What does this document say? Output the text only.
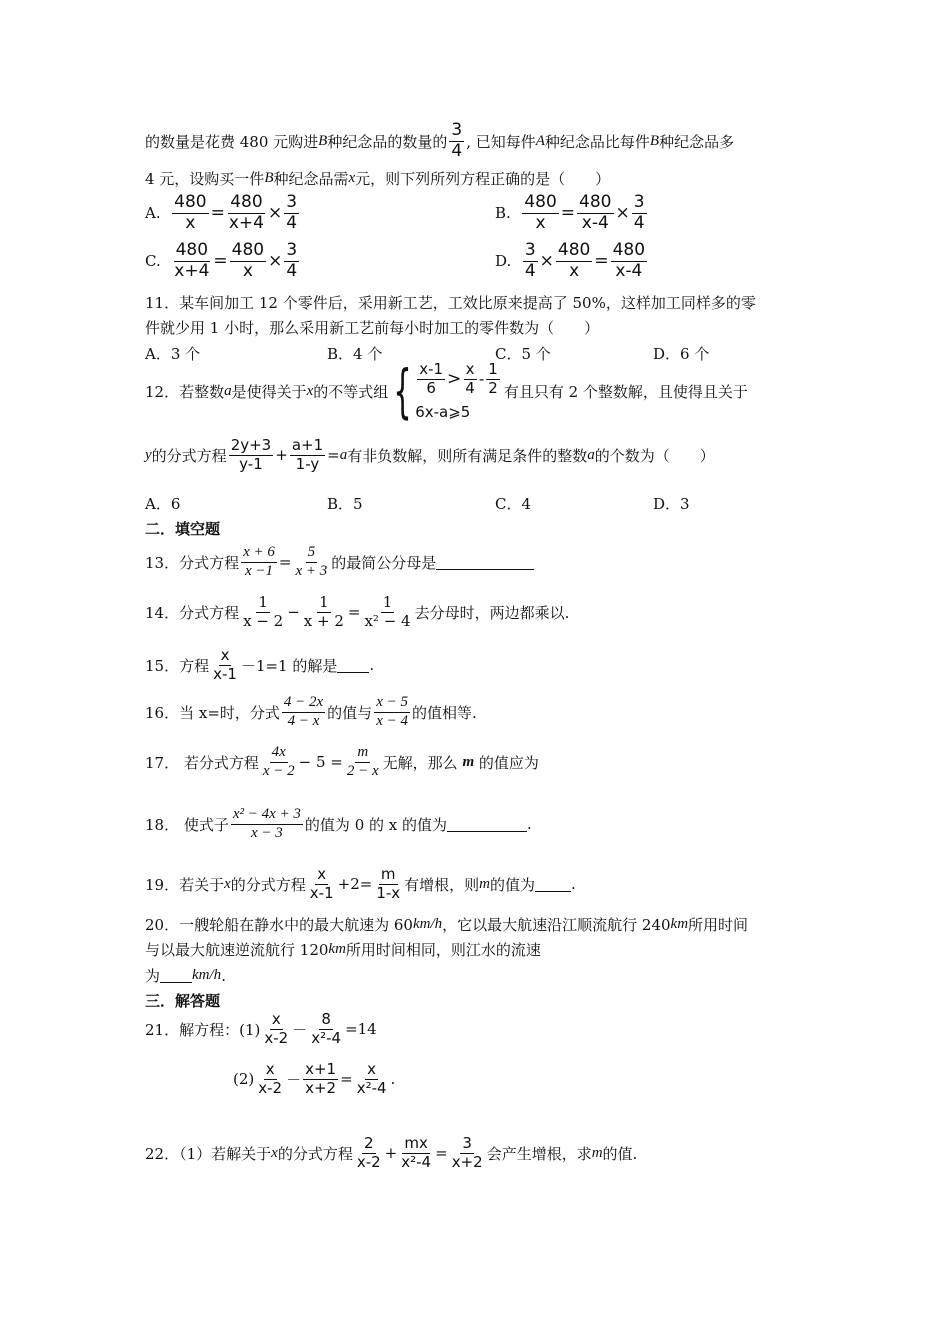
的数量是花费 480 元购进 B 种纪念品的数量的 $\frac{3}{4}$ , 已知每件 A 种纪念品比每件 B 种纪念品多
4 元，设购买一件 B 种纪念品需 x 元，则下列所列方程正确的是（　　）
A.
$\frac{480}{x} = \frac{480}{x+4} \times \frac{3}{4}$	B.
$\frac{480}{x} = \frac{480}{x-4} \times \frac{3}{4}$
C.
$\frac{480}{x+4} = \frac{480}{x} \times \frac{3}{4}$	D.
$\frac{3}{4} \times \frac{480}{x} = \frac{480}{x-4}$
11．某车间加工 12 个零件后，采用新工艺，工效比原来提高了 50%，这样加工同样多的零
件就少用 1 小时，那么采用新工艺前每小时加工的零件数为（　　）
A．3 个	B．4 个	C．5 个	D．6 个
12．若整数 a 是使得关于 x 的不等式组 { $\frac{x-1}{6} > \frac{x}{4} - \frac{1}{2}$
6x-a⩾5
有且只有 2 个整数解，且使得且关于
y 的分式方程 $\frac{2y+3}{y-1} + \frac{a+1}{1-y} = a$ 有非负数解，则所有满足条件的整数 a 的个数为（　　）
A．6	B．5	C．4	D．3
二．填空题
13．分式方程 $\frac{x + 6}{x -1} = \frac{5}{x + 3}$ 的最简公分母是
14．分式方程 $\frac{1}{x - 2} - \frac{1}{x + 2} = \frac{1}{\text{x² − 4}}$ 去分母时，两边都乘以.
15．方程 $\frac{x}{x-1} -1=1$ 的解是 .
16．当 x=时，分式 $\frac{4 - 2x}{4 - x}$ 的值与 $\frac{x - 5}{x - 4}$ 的值相等.
17． 若分式方程 $\frac{4x}{x - 2} - 5 = \frac{m}{2 - x}$ 无解，那么
m
的值应为
18． 使式子 $\frac{\text{x² − 4x + 3}}{x - 3}$ 的值为 0 的 x 的值为	.
19．若关于 x 的分式方程 $\frac{x}{x-1} +2= \frac{m}{1-x}$ 有增根，则 m 的值为 .
20．一艘轮船在静水中的最大航速为 60 km/h ，它以最大航速沿江顺流航行 240 km 所用时间
与以最大航速逆流航行 120 km 所用时间相同，则江水的流速
为 km/h .
三．解答题
21．解方程：$(1) \frac{x}{x-2} - \frac{8}{\text{x²-4}} =14$
$(2) \frac{x}{x-2} - \frac{x+1}{x+2} = \frac{x}{\text{x²-4}}$ .
22．（1）若解关于 x 的分式方程 $\frac{2}{x-2} + \frac{mx}{\text{x²-4}} = \frac{3}{x+2}$ 会产生增根，求 m 的值.
